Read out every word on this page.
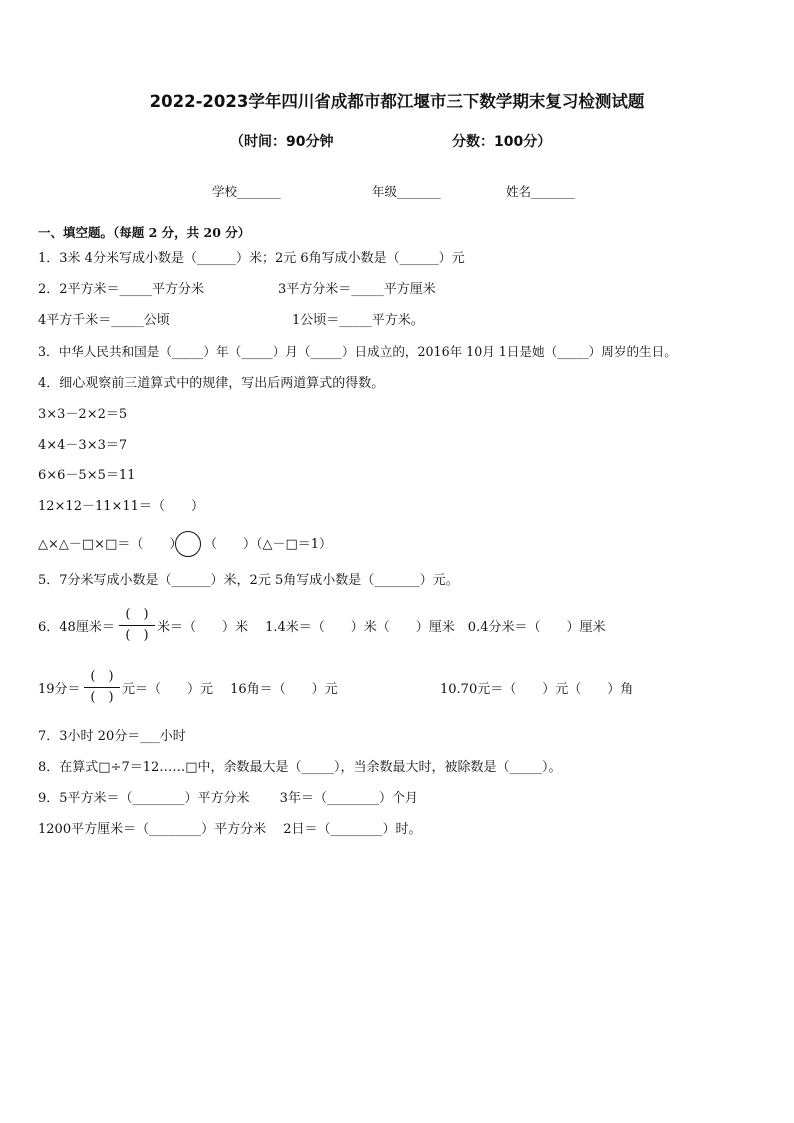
2022-2023学年四川省成都市都江堰市三下数学期末复习检测试题
（时间：90分钟	分数：100分）
学校_______	年级_______	姓名_______
一、填空题。（每题 2 分，共 20 分）
1．3米 4分米写成小数是（______）米；2元 6角写成小数是（______）元
2．2平方米＝_____平方分米	3平方分米＝_____平方厘米
4平方千米＝_____公顷	1公顷＝_____平方米。
3．中华人民共和国是（_____）年（_____）月（_____）日成立的，2016年 10月 1日是她（_____）周岁的生日。
4．细心观察前三道算式中的规律，写出后两道算式的得数。
3×3－2×2＝5
4×4－3×3＝7
6×6－5×5＝11
12×12－11×11＝（　　）
△×△－□×□＝（　　） （　　）（△－□＝1）
5．7分米写成小数是（______）米，2元 5角写成小数是（_______）元。
6．48厘米＝
(　)
(　)
米＝（　　）米　 1.4米＝（　　）米（　　）厘米　0.4分米＝（　　）厘米
19分＝
(　)
(　)
元＝（　　）元　 16角＝（　　）元	10.70元＝（　　）元（　　）角
7．3小时 20分＝___小时
8．在算式□÷7＝12……□中，余数最大是（_____），当余数最大时，被除数是（_____）。
9．5平方米＝（________）平方分米　　 3年＝（________）个月
1200平方厘米＝（________）平方分米　 2日＝（________）时。
